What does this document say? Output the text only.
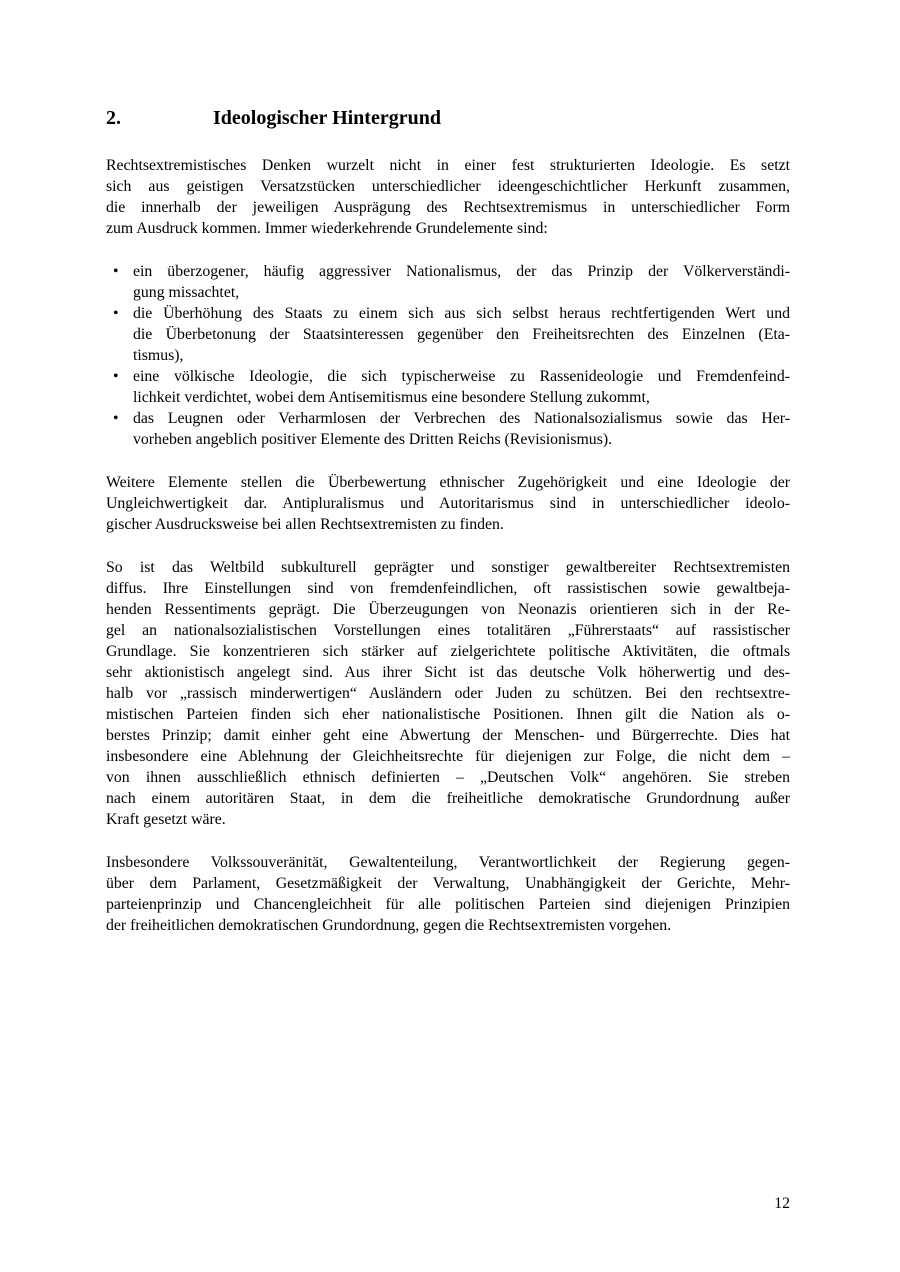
2.	Ideologischer Hintergrund
Rechtsextremistisches Denken wurzelt nicht in einer fest strukturierten Ideologie. Es setzt
sich aus geistigen Versatzstücken unterschiedlicher ideengeschichtlicher Herkunft zusammen,
die innerhalb der jeweiligen Ausprägung des Rechtsextremismus in unterschiedlicher Form
zum Ausdruck kommen. Immer wiederkehrende Grundelemente sind:
• ein überzogener, häufig aggressiver Nationalismus, der das Prinzip der Völkerverständi-
gung missachtet,
• die Überhöhung des Staats zu einem sich aus sich selbst heraus rechtfertigenden Wert und
die Überbetonung der Staatsinteressen gegenüber den Freiheitsrechten des Einzelnen (Eta-
tismus),
• eine völkische Ideologie, die sich typischerweise zu Rassenideologie und Fremdenfeind-
lichkeit verdichtet, wobei dem Antisemitismus eine besondere Stellung zukommt,
• das Leugnen oder Verharmlosen der Verbrechen des Nationalsozialismus sowie das Her-
vorheben angeblich positiver Elemente des Dritten Reichs (Revisionismus).
Weitere Elemente stellen die Überbewertung ethnischer Zugehörigkeit und eine Ideologie der
Ungleichwertigkeit dar. Antipluralismus und Autoritarismus sind in unterschiedlicher ideolo-
gischer Ausdrucksweise bei allen Rechtsextremisten zu finden.
So ist das Weltbild subkulturell geprägter und sonstiger gewaltbereiter Rechtsextremisten
diffus. Ihre Einstellungen sind von fremdenfeindlichen, oft rassistischen sowie gewaltbeja-
henden Ressentiments geprägt. Die Überzeugungen von Neonazis orientieren sich in der Re-
gel an nationalsozialistischen Vorstellungen eines totalitären „Führerstaats“ auf rassistischer
Grundlage. Sie konzentrieren sich stärker auf zielgerichtete politische Aktivitäten, die oftmals
sehr aktionistisch angelegt sind. Aus ihrer Sicht ist das deutsche Volk höherwertig und des-
halb vor „rassisch minderwertigen“ Ausländern oder Juden zu schützen. Bei den rechtsextre-
mistischen Parteien finden sich eher nationalistische Positionen. Ihnen gilt die Nation als o-
berstes Prinzip; damit einher geht eine Abwertung der Menschen- und Bürgerrechte. Dies hat
insbesondere eine Ablehnung der Gleichheitsrechte für diejenigen zur Folge, die nicht dem –
von ihnen ausschließlich ethnisch definierten – „Deutschen Volk“ angehören. Sie streben
nach einem autoritären Staat, in dem die freiheitliche demokratische Grundordnung außer
Kraft gesetzt wäre.
Insbesondere Volkssouveränität, Gewaltenteilung, Verantwortlichkeit der Regierung gegen-
über dem Parlament, Gesetzmäßigkeit der Verwaltung, Unabhängigkeit der Gerichte, Mehr-
parteienprinzip und Chancengleichheit für alle politischen Parteien sind diejenigen Prinzipien
der freiheitlichen demokratischen Grundordnung, gegen die Rechtsextremisten vorgehen.
12
